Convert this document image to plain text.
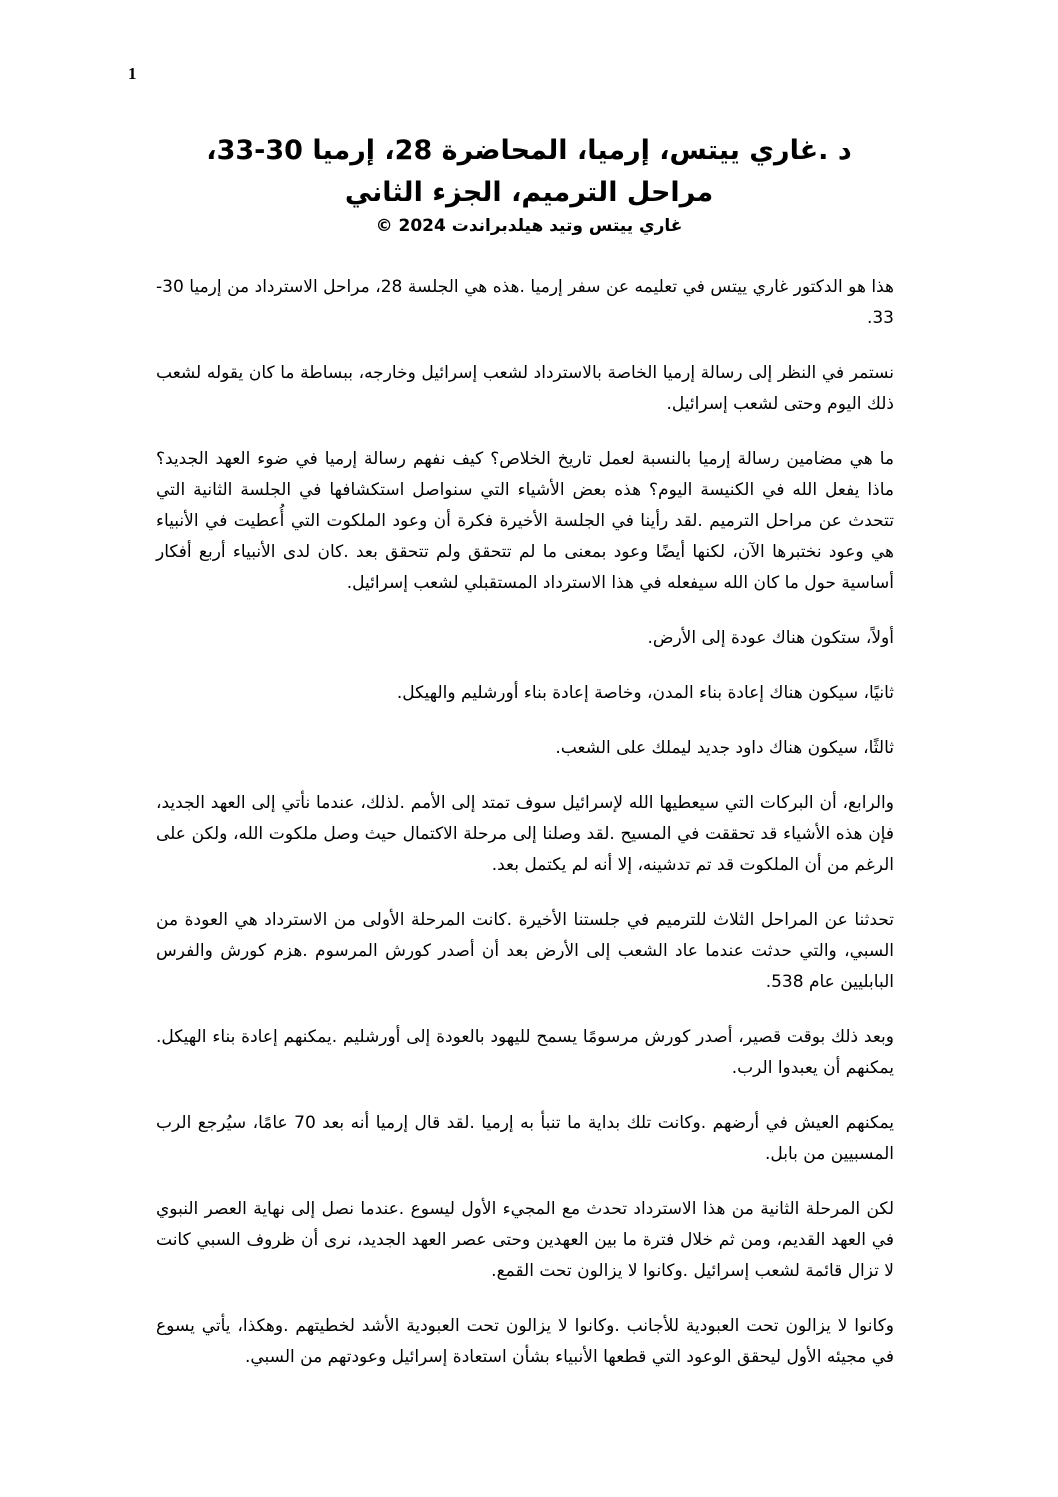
1
د .غاري ييتس، إرميا، المحاضرة 28، إرميا 30-33،
مراحل الترميم، الجزء الثاني
غاري ييتس وتيد هيلدبراندت 2024 ©

هذا هو الدكتور غاري ييتس في تعليمه عن سفر إرميا .هذه هي الجلسة 28، مراحل الاسترداد من إرميا 30-33.

نستمر في النظر إلى رسالة إرميا الخاصة بالاسترداد لشعب إسرائيل وخارجه، ببساطة ما كان يقوله لشعب ذلك اليوم وحتى لشعب إسرائيل.

ما هي مضامين رسالة إرميا بالنسبة لعمل تاريخ الخلاص؟ كيف نفهم رسالة إرميا في ضوء العهد الجديد؟ ماذا يفعل الله في الكنيسة اليوم؟ هذه بعض الأشياء التي سنواصل استكشافها في الجلسة الثانية التي تتحدث عن مراحل الترميم .لقد رأينا في الجلسة الأخيرة فكرة أن وعود الملكوت التي أُعطيت في الأنبياء هي وعود نختبرها الآن، لكنها أيضًا وعود بمعنى ما لم تتحقق ولم تتحقق بعد .كان لدى الأنبياء أربع أفكار أساسية حول ما كان الله سيفعله في هذا الاسترداد المستقبلي لشعب إسرائيل.

أولاً، ستكون هناك عودة إلى الأرض.

ثانيًا، سيكون هناك إعادة بناء المدن، وخاصة إعادة بناء أورشليم والهيكل.

ثالثًا، سيكون هناك داود جديد ليملك على الشعب.

والرابع، أن البركات التي سيعطيها الله لإسرائيل سوف تمتد إلى الأمم .لذلك، عندما نأتي إلى العهد الجديد، فإن هذه الأشياء قد تحققت في المسيح .لقد وصلنا إلى مرحلة الاكتمال حيث وصل ملكوت الله، ولكن على الرغم من أن الملكوت قد تم تدشينه، إلا أنه لم يكتمل بعد.

تحدثنا عن المراحل الثلاث للترميم في جلستنا الأخيرة .كانت المرحلة الأولى من الاسترداد هي العودة من السبي، والتي حدثت عندما عاد الشعب إلى الأرض بعد أن أصدر كورش المرسوم .هزم كورش والفرس البابليين عام 538.

وبعد ذلك بوقت قصير، أصدر كورش مرسومًا يسمح لليهود بالعودة إلى أورشليم .يمكنهم إعادة بناء الهيكل. يمكنهم أن يعبدوا الرب.

يمكنهم العيش في أرضهم .وكانت تلك بداية ما تنبأ به إرميا .لقد قال إرميا أنه بعد 70 عامًا، سيُرجع الرب المسبيين من بابل.

لكن المرحلة الثانية من هذا الاسترداد تحدث مع المجيء الأول ليسوع .عندما نصل إلى نهاية العصر النبوي في العهد القديم، ومن ثم خلال فترة ما بين العهدين وحتى عصر العهد الجديد، نرى أن ظروف السبي كانت لا تزال قائمة لشعب إسرائيل .وكانوا لا يزالون تحت القمع.

وكانوا لا يزالون تحت العبودية للأجانب .وكانوا لا يزالون تحت العبودية الأشد لخطيتهم .وهكذا، يأتي يسوع في مجيئه الأول ليحقق الوعود التي قطعها الأنبياء بشأن استعادة إسرائيل وعودتهم من السبي.
